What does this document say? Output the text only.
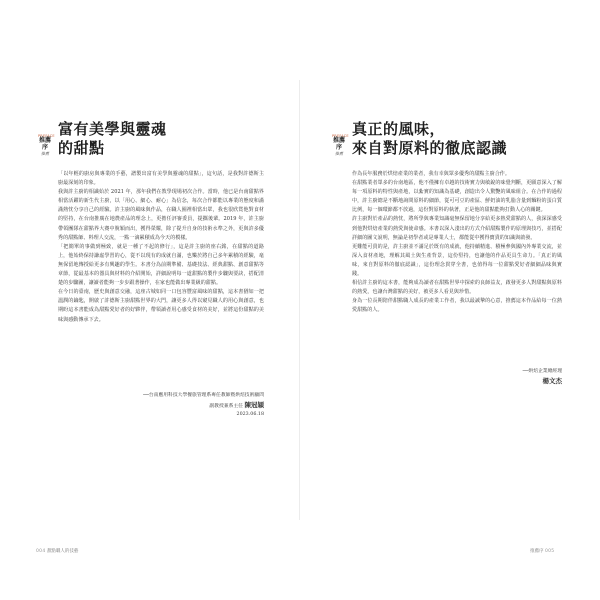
PREFACE
推薦序
推薦
富有美學與靈魂
的甜點

「以年輕的廚房與專業的手藝，譜製出富有美學與靈魂的甜點」，這句話，是我對許德斯主廚最深刻的印象。

我與許主廚的相識始於 2021 年，那年我們在教學現場初次合作。當時，他已是台南甜點界相當活躍的新生代主廚，以「用心、細心、耐心」為信念，每次合作都能以專業的態度和滿滿熱忱分享自己的經驗。許主廚的風味與作品，在職人圈裡相當出眾，我也很欣賞他對食材的堅持，在台南推廣在地農產品的理念上，更擔任評審委員，提攜後輩。2019 年，許主廚帶領團隊在甜點界大賽中脫穎而出，獲得榮耀，除了提升自身的技術水準之外，更與許多優秀的甜點師、料理人交流，一點一滴累積成為今天的模樣。

「把簡單的事做到極致，就是一種了不起的修行」，這是許主廚的座右銘，在甜點的道路上，他始終保持謙虛學習的心，從不以現有的成就自滿，也樂於將自己多年累積的經驗，毫無保留地傳授給更多有興趣的學生。本書分為前期準備、基礎技法、經典甜點、創意甜點等章節，從最基本的器具與材料的介紹開始，詳細說明每一道甜點的製作步驟與要訣，搭配清楚的步驟圖，讓讀者能夠一步步跟著操作，在家也能做出專業級的甜點。

在今日的臺南，歷史與創意交融，這座古城如同一口包容豐富風味的甜點，這本書猶如一把溫潤的鑰匙，開啟了許德斯主廚甜點世界的大門，讓更多人得以窺見職人的用心與創意，也期盼這本書能成為甜點愛好者的好夥伴，帶領讀者用心感受食材的美好，並將這份甜點的美味與感動傳承下去。

──台南應用科技大學餐旅管理系專任教師暨烘焙技術顧問
副教授兼系主任 陳冠穎
2023.06.18
004 甜點職人的技藝
PREFACE
推薦序
推薦
真正的風味，
來自對原料的徹底認識

作為長年服務於烘焙產業的業者，我有幸與眾多優秀的甜點主廚合作。

在甜點業者眾多的台南地區，他不僅擁有卓越的技術實力與敏銳的味覺判斷，更願意深入了解每一項原料的特性與產地，以紮實的知識為基礎，創造出令人驚艷的風味組合。在合作的過程中，許主廚總是不斷地詢問原料的細節，從可可豆的產區、鮮奶油的乳脂含量到麵粉的蛋白質比例，每一個環節都不放過，這份對原料的執著，正是他的甜點能夠打動人心的關鍵。

許主廚對於產品的熱忱，將所學與專業知識毫無保留地分享給更多熱愛甜點的人，我深深感受到他對烘焙產業的熱愛與使命感。本書以深入淺出的方式介紹甜點製作的原理與技巧，並搭配詳細的圖文說明，無論是初學者或是專業人士，都能從中獲得寶貴的知識與啟發。

更難能可貴的是，許主廚並不滿足於既有的成就，他持續精進、積極參與國內外專業交流，並深入食材產地，理解其風土與生產背景，這份堅持，也讓他的作品更具生命力。「真正的風味，來自對原料的徹底認識」，這份理念貫穿全書，也值得每一位甜點愛好者細細品味與實踐。

相信許主廚的這本書，能夠成為讀者在甜點世界中探索的良師益友，啟發更多人對甜點與原料的熱愛，也讓台灣甜點的美好，被更多人看見與珍惜。

身為一位長期陪伴甜點職人成長的產業工作者，我以最誠摯的心意，推薦這本作品給每一位熱愛甜點的人。

──烘焙企業總經理
楊文杰
推薦序 005
